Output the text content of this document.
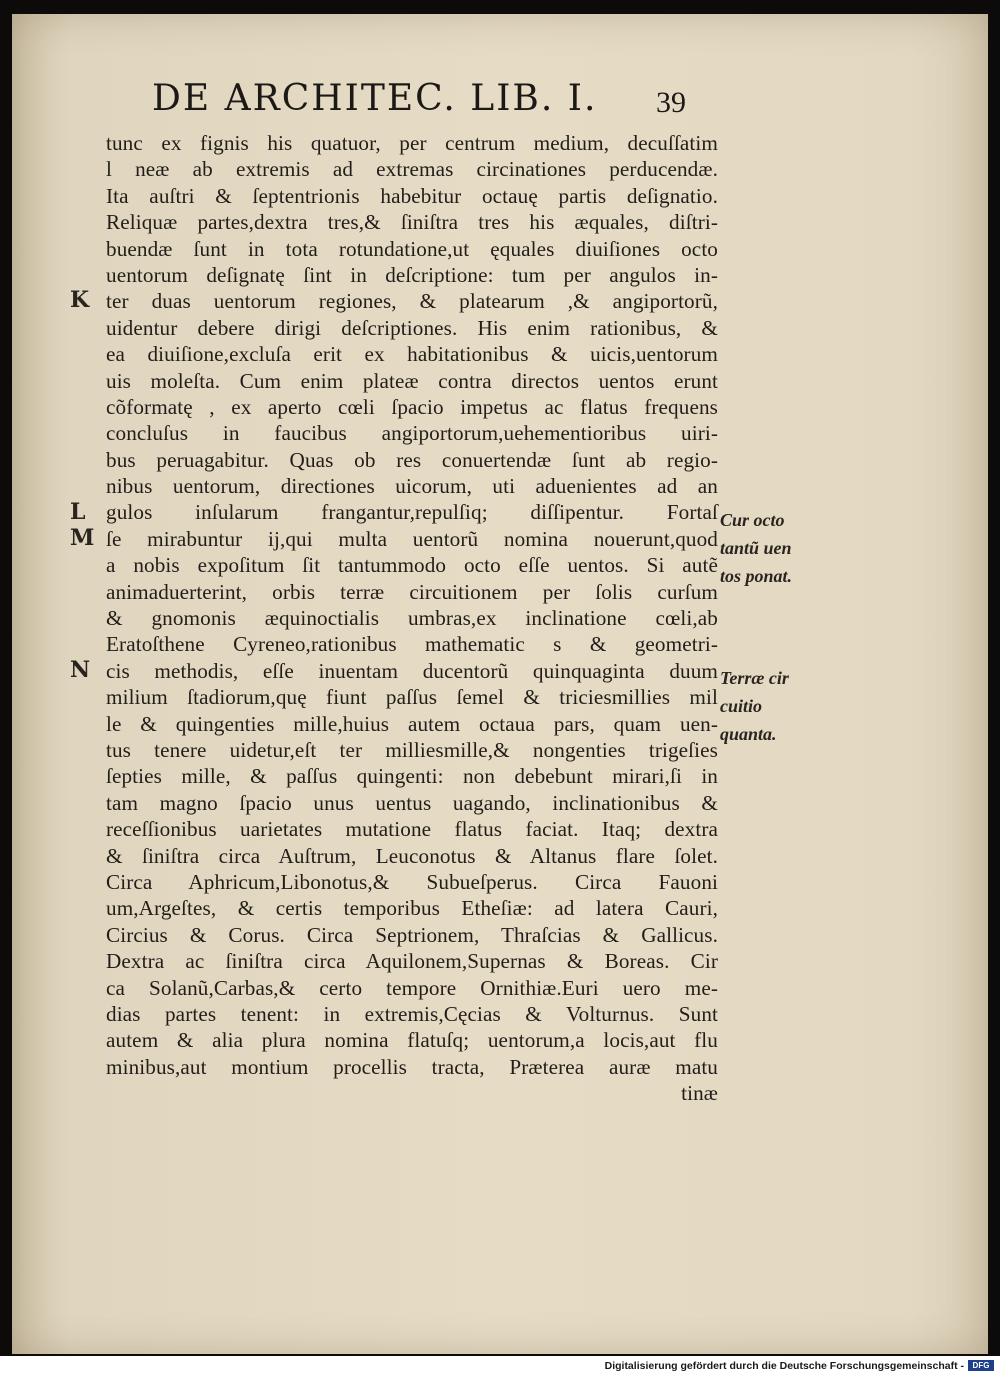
DE ARCHITEC. LIB. I.	39
tunc ex fignis his quatuor, per centrum medium, decuſſatim
l neæ ab extremis ad extremas circinationes perducendæ.
Ita auſtri & ſeptentrionis habebitur octauę partis deſignatio.
Reliquæ partes,dextra tres,& ſiniſtra tres his æquales, diſtri-
buendæ ſunt in tota rotundatione,ut ęquales diuiſiones octo
uentorum deſignatę ſint in deſcriptione: tum per angulos in-
ter duas uentorum regiones, & platearum ,& angiportorũ,
uidentur debere dirigi deſcriptiones. His enim rationibus, &
ea diuiſione,excluſa erit ex habitationibus & uicis,uentorum
uis moleſta. Cum enim plateæ contra directos uentos erunt
cõformatę , ex aperto cœli ſpacio impetus ac flatus frequens
concluſus in faucibus angiportorum,uehementioribus uiri-
bus peruagabitur. Quas ob res conuertendæ ſunt ab regio-
nibus uentorum, directiones uicorum, uti aduenientes ad an
gulos inſularum frangantur,repulſiq; diſſipentur. Fortaſ
ſe mirabuntur ij,qui multa uentorũ nomina nouerunt,quod
a nobis expoſitum ſit tantummodo octo eſſe uentos. Si autẽ
animaduerterint, orbis terræ circuitionem per ſolis curſum
& gnomonis æquinoctialis umbras,ex inclinatione cœli,ab
Eratoſthene Cyreneo,rationibus mathematic s & geometri-
cis methodis, eſſe inuentam ducentorũ quinquaginta duum
milium ſtadiorum,quę fiunt paſſus ſemel & triciesmillies mil
le & quingenties mille,huius autem octaua pars, quam uen-
tus tenere uidetur,eſt ter milliesmille,& nongenties trigeſies
ſepties mille, & paſſus quingenti: non debebunt mirari,ſi in
tam magno ſpacio unus uentus uagando, inclinationibus &
receſſionibus uarietates mutatione flatus faciat. Itaq; dextra
& ſiniſtra circa Auſtrum, Leuconotus & Altanus flare ſolet.
Circa Aphricum,Libonotus,& Subueſperus. Circa Fauoni
um,Argeſtes, & certis temporibus Etheſiæ: ad latera Cauri,
Circius & Corus. Circa Septrionem, Thraſcias & Gallicus.
Dextra ac ſiniſtra circa Aquilonem,Supernas & Boreas. Cir
ca Solanũ,Carbas,& certo tempore Ornithiæ.Euri uero me-
dias partes tenent: in extremis,Cęcias & Volturnus. Sunt
autem & alia plura nomina flatuſq; uentorum,a locis,aut flu
minibus,aut montium procellis tracta, Præterea auræ matu
tinæ
K
L
M
N
Cur octo
tantũ uen
tos ponat.
Terræ cir
cuitio
quanta.
Digitalisierung gefördert durch die Deutsche Forschungsgemeinschaft -	DFG
